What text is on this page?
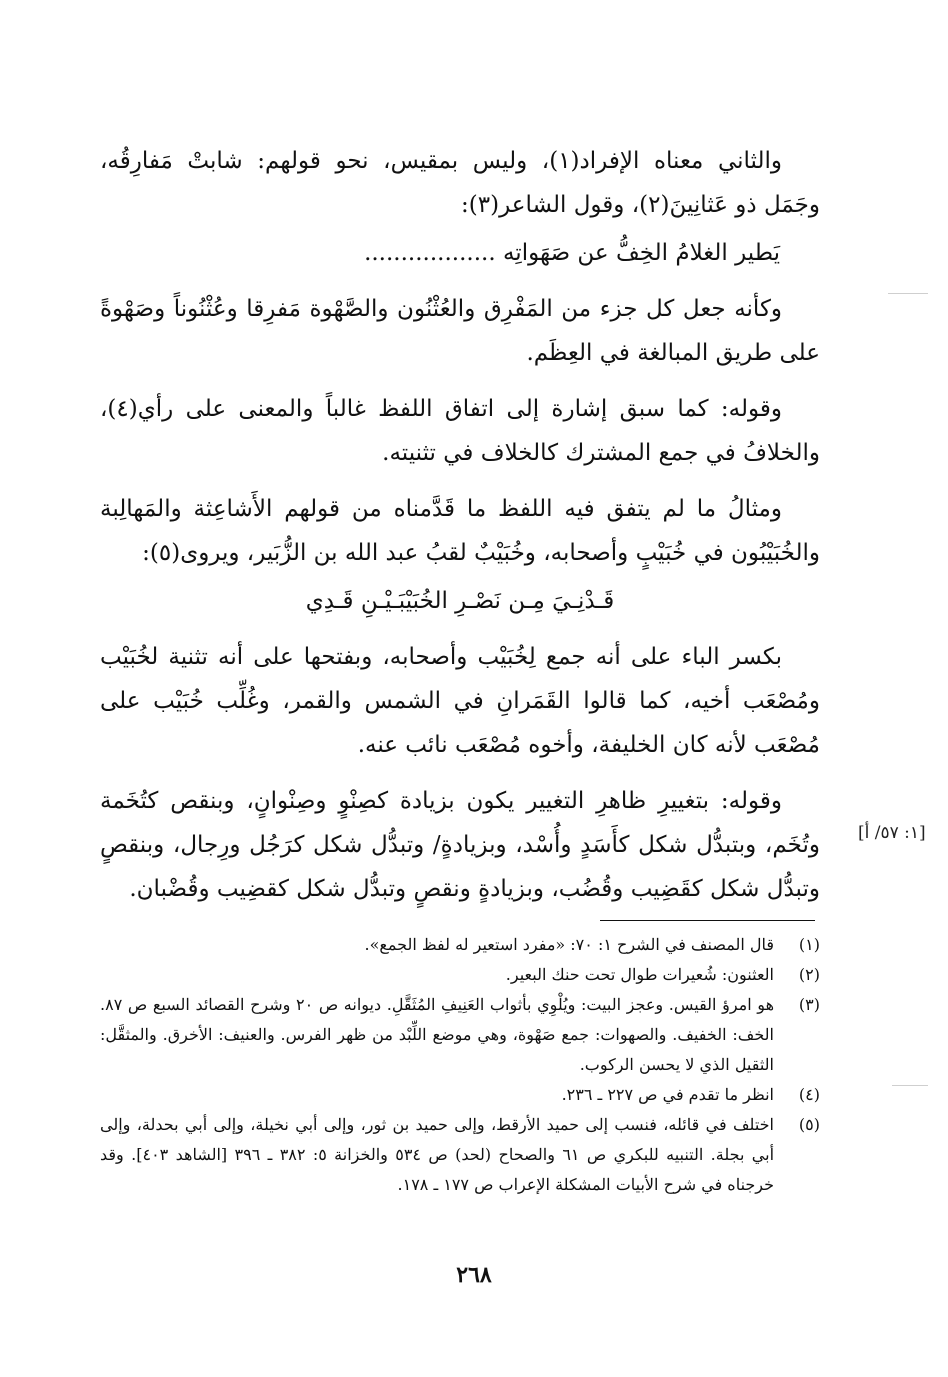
والثاني معناه الإفراد(١)، وليس بمقيس، نحو قولهم: شابتْ مَفارِقُه، وجَمَل ذو عَثانِينَ(٢)، وقول الشاعر(٣):

يَطير الغلامُ الخِفُّ عن صَهَواتِه ..................

وكأنه جعل كل جزء من المَفْرِق والعُثْنُون والصَّهْوة مَفرِقا وعُثْنُوناً وصَهْوةً على طريق المبالغة في العِظَم.

وقوله: كما سبق إشارة إلى اتفاق اللفظ غالباً والمعنى على رأي(٤)، والخلافُ في جمع المشترك كالخلاف في تثنيته.

ومثالُ ما لم يتفق فيه اللفظ ما قَدَّمناه من قولهم الأَشاعِثة والمَهالِبة والخُبَيْبُون في خُبَيْبٍ وأصحابه، وخُبَيْبٌ لقبُ عبد الله بن الزُّبَير، ويروى(٥):

قَـدْنِـيَ مِـن نَصْـرِ الخُبَيْبَـيْـنِ قَـدِي

بكسر الباء على أنه جمع لِخُبَيْب وأصحابه، وبفتحها على أنه تثنية لخُبَيْب ومُصْعَب أخيه، كما قالوا القَمَرانِ في الشمس والقمر، وغُلِّب خُبَيْب على مُصْعَب لأنه كان الخليفة، وأخوه مُصْعَب نائب عنه.

وقوله: بتغييرِ ظاهرِ التغيير يكون بزيادة كصِنْوٍ وصِنْوانٍ، وبنقص كتُخَمة وتُخَم، وبتبدُّل شكل كأَسَدٍ وأُسْد، وبزيادةٍ/ وتبدُّل شكل كرَجُل ورِجال، وبنقصٍ وتبدُّل شكل كقَضِيب وقُضُب، وبزيادةٍ ونقصٍ وتبدُّل شكل كقضِيب وقُضْبان.

[١: ٥٧/ أ]
(١)
قال المصنف في الشرح ١: ٧٠: «مفرد استعير له لفظ الجمع».
(٢)
العثنون: شُعيرات طوال تحت حنك البعير.
(٣)
هو امرؤ القيس. وعجز البيت: ويُلْوِي بأثواب العَنِيفِ المُثَقَّلِ. ديوانه ص ٢٠ وشرح القصائد السبع ص ٨٧. الخف: الخفيف. والصهوات: جمع صَهْوة، وهي موضع اللِّبْد من ظهر الفرس. والعنيف: الأخرق. والمثقَّل: الثقيل الذي لا يحسن الركوب.
(٤)
انظر ما تقدم في ص ٢٢٧ ـ ٢٣٦.
(٥)
اختلف في قائله، فنسب إلى حميد الأرقط، وإلى حميد بن ثور، وإلى أبي نخيلة، وإلى أبي بحدلة، وإلى أبي بجلة. التنبيه للبكري ص ٦١ والصحاح (لحد) ص ٥٣٤ والخزانة ٥: ٣٨٢ ـ ٣٩٦ [الشاهد ٤٠٣]. وقد خرجناه في شرح الأبيات المشكلة الإعراب ص ١٧٧ ـ ١٧٨.
٢٦٨
